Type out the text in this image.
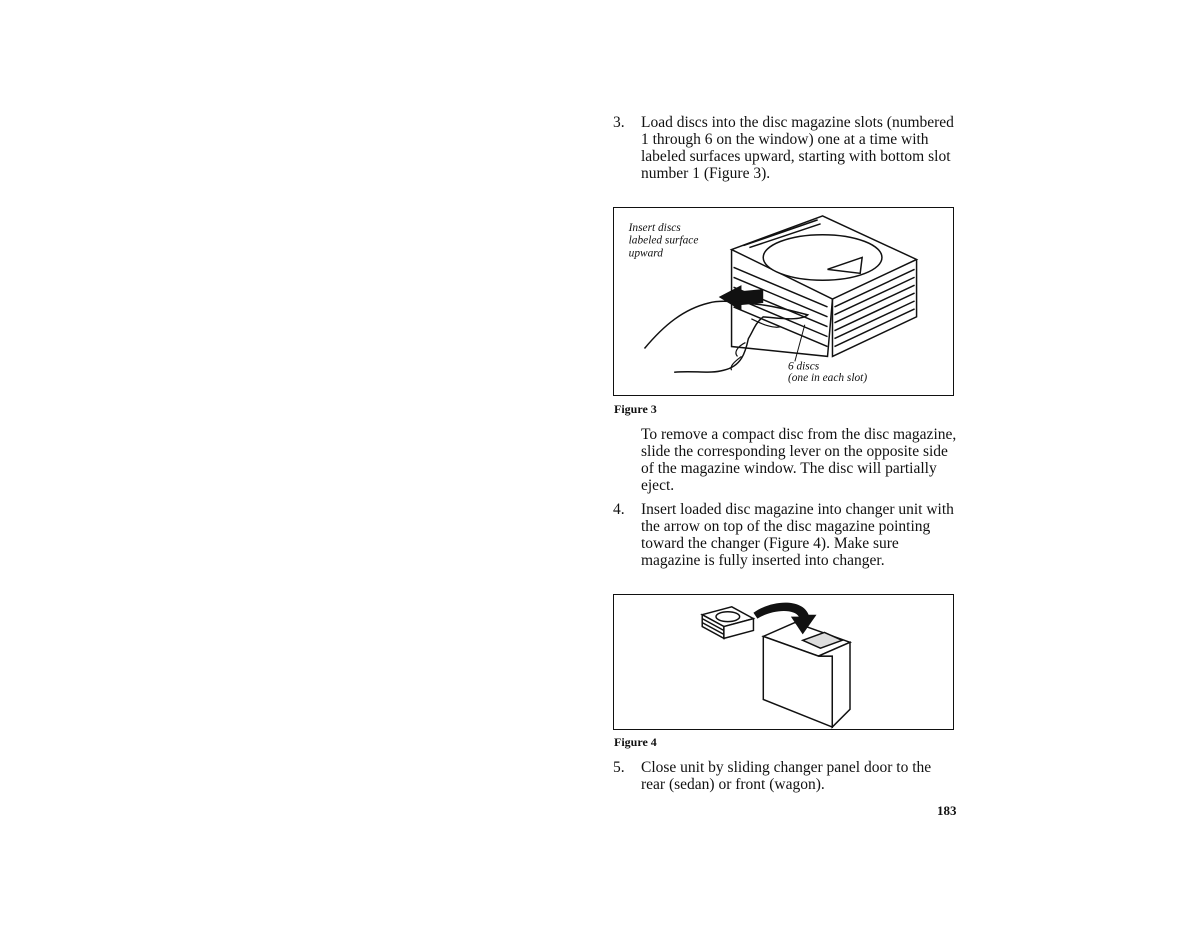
3. Load discs into the disc magazine slots (numbered 1 through 6 on the window) one at a time with labeled surfaces upward, starting with bottom slot number 1 (Figure 3).
Insert discs
labeled surface
upward
6 discs
(one in each slot)
Figure 3
To remove a compact disc from the disc magazine, slide the corresponding lever on the opposite side of the magazine window. The disc will partially eject.
4. Insert loaded disc magazine into changer unit with the arrow on top of the disc magazine pointing toward the changer (Figure 4). Make sure magazine is fully inserted into changer.
Figure 4
5. Close unit by sliding changer panel door to the rear (sedan) or front (wagon).
183
